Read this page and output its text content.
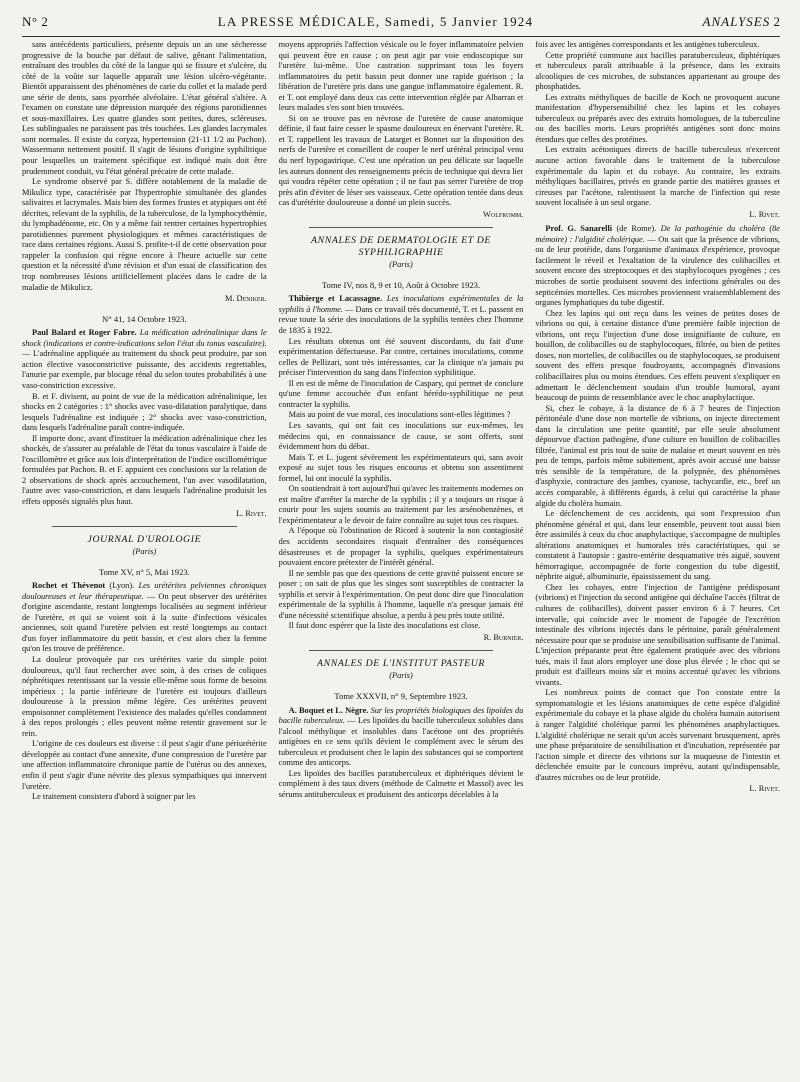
N° 2	LA PRESSE MÉDICALE, Samedi, 5 Janvier 1924	ANALYSES 2

sans antécédents particuliers, présente depuis un an une sécheresse progressive de la bouche par défaut de salive, gênant l'alimentation, entraînant des troubles du côté de la langue qui se fissure et s'ulcère, du côté de la voûte sur laquelle apparaît une lésion ulcéro-végétante. Bientôt apparaissent des phénomènes de carie du collet et la malade perd une série de dents, sans pyorrhée alvéolaire. L'état général s'altère. A l'examen on constate une dépression marquée des régions parotidiennes et sous-maxillaires. Les quatre glandes sont petites, dures, scléreuses. Les sublinguales ne paraissent pas très touchées. Les glandes lacrymales sont normales. Il existe du coryza, hypertension (21-11 1/2 au Pachon). Wassermann nettement positif. Il s'agit de lésions d'origine syphilitique pour lesquelles un traitement spécifique est indiqué mais doit être prudemment conduit, vu l'état général précaire de cette malade.

Le syndrome observé par S. diffère notablement de la maladie de Mikulicz type, caractérisée par l'hypertrophie simultanée des glandes salivaires et lacrymales. Mais bien des formes frustes et atypiques ont été décrites, relevant de la syphilis, de la tuberculose, de la lymphocythémie, du lymphadénome, etc. On y a même fait rentrer certaines hypertrophies parotidiennes purement physiologiques et mêmes caractéristiques de race dans certaines régions. Aussi S. profite-t-il de cette observation pour rappeler la confusion qui règne encore à l'heure actuelle sur cette question et la nécessité d'une révision et d'un essai de classification des trop nombreuses lésions artificiellement placées dans le cadre de la maladie de Mikulicz.

M. Deniker.
N° 41, 14 Octobre 1923.

Paul Balard et Roger Fabre. La médication adrénalinique dans le shock (indications et contre-indications selon l'état du tonus vasculaire). — L'adrénaline appliquée au traitement du shock peut produire, par son action élective vasoconstrictive puissante, des accidents regrettables, l'anurie par exemple, par blocage rénal du selon toutes probabilités à une vaso-constriction excessive.

B. et F. divisent, au point de vue de la médication adrénalinique, les shocks en 2 catégories : 1° shocks avec vaso-dilatation paralytique, dans lesquels l'adrénaline est indiquée ; 2° shocks avec vaso-constriction, dans lesquels l'adrénaline paraît contre-indiquée.

Il importe donc, avant d'instituer la médication adrénalinique chez les shockés, de s'assurer au préalable de l'état du tonus vasculaire à l'aide de l'oscillomètre et grâce aux lois d'interprétation de l'indice oscillométrique formulées par Pachon. B. et F. appuient ces conclusions sur la relation de 2 observations de shock après accouchement, l'un avec vasodilatation, l'autre avec vaso-constriction, et dans lesquels l'adrénaline produisit les effets opposés signalés plus haut.

L. Rivet.
JOURNAL D'UROLOGIE
(Paris)
Tome XV, n° 5, Mai 1923.

Rochet et Thévenot (Lyon). Les urétérites pelviennes chroniques douloureuses et leur thérapeutique. — On peut observer des urétérites d'origine ascendante, restant longtemps localisées au segment inférieur de l'uretère, et qui se voient soit à la suite d'infections vésicales anciennes, soit quand l'uretère pelvien est resté longtemps au contact d'un foyer inflammatoire du petit bassin, et c'est alors chez la femme qu'on les trouve de préférence.

La douleur provoquée par ces urétérites varie du simple point douloureux, qu'il faut rechercher avec soin, à des crises de coliques néphrétiques retentissant sur la vessie elle-même sous forme de besoins impérieux ; la partie inférieure de l'uretère est toujours d'ailleurs douloureuse à la pression même légère. Ces urétérites peuvent empoisonner complètement l'existence des malades qu'elles condamnent à des repos prolongés ; elles peuvent même retentir gravement sur le rein.

L'origine de ces douleurs est diverse : il peut s'agir d'une périurétérite développée au contact d'une annexite, d'une compression de l'uretère par une affection inflammatoire chronique partie de l'utérus ou des annexes, enfin il peut s'agir d'une névrite des plexus sympathiques qui innervent l'uretère.

Le traitement consistera d'abord à soigner par les

moyens appropriés l'affection vésicale ou le foyer inflammatoire pelvien qui peuvent être en cause ; on peut agir par voie endoscopique sur l'uretère lui-même. Une castration supprimant tous les foyers inflammatoires du petit bassin peut donner une rapide guérison ; la libération de l'uretère pris dans une gangue inflammatoire également. R. et T. ont employé dans deux cas cette intervention réglée par Albarran et leurs malades s'en sont bien trouvées.

Si on se trouve pas en névrose de l'uretère de cause anatomique définie, il faut faire cesser le spasme douloureux en énervant l'uretère. R. et T. rappellent les travaux de Latarget et Bonnet sur la disposition des nerfs de l'uretère et conseillent de couper le nerf urétéral principal venu du nerf hypogastrique. C'est une opération un peu délicate sur laquelle les auteurs donnent des renseignements précis de technique qui devra lier qui voudra répéter cette opération ; il ne faut pas serrer l'uretère de trop près afin d'éviter de léser ses vaisseaux. Cette opération tentée dans deux cas d'urétérite douloureuse a donné un plein succès.

Wolfromm.
ANNALES DE DERMATOLOGIE ET DE SYPHILIGRAPHIE
(Paris)
Tome IV, nos 8, 9 et 10, Août à Octobre 1923.

Thibierge et Lacassagne. Les inoculations expérimentales de la syphilis à l'homme. — Dans ce travail très documenté, T. et L. passent en revue toute la série des inoculations de la syphilis tentées chez l'homme de 1835 à 1922.

Les résultats obtenus ont été souvent discordants, du fait d'une expérimentation défectueuse. Par contre, certaines inoculations, comme celles de Pellizari, sont très intéressantes, car la clinique n'a jamais pu préciser l'intervention du sang dans l'infection syphilitique.

Il en est de même de l'inoculation de Caspary, qui permet de conclure qu'une femme accouchée d'un enfant hérédo-syphilitique ne peut contracter la syphilis.

Mais au point de vue moral, ces inoculations sont-elles légitimes ?

Les savants, qui ont fait ces inoculations sur eux-mêmes, les médecins qui, en connaissance de cause, se sont offerts, sont évidemment hors du débat.

Mais T. et L. jugent sévèrement les expérimentateurs qui, sans avoir exposé au sujet tous les risques encourus et obtenu son assentiment formel, lui ont inoculé la syphilis.

On soutiendrait à tort aujourd'hui qu'avec les traitements modernes on est maître d'arrêter la marche de la syphilis ; il y a toujours un risque à courir pour les sujets soumis au traitement par les arsénobenzènes, et l'expérimentateur a le devoir de faire connaître au sujet tous ces risques.

A l'époque où l'obstination de Ricord à soutenir la non contagiosité des accidents secondaires risquait d'entraîner des conséquences désastreuses et de propager la syphilis, quelques expérimentateurs pouvaient encore prétexter de l'intérêt général.

Il ne semble pas que des questions de cette gravité puissent encore se poser ; on sait de plus que les singes sont susceptibles de contracter la syphilis et servir à l'expérimentation. On peut donc dire que l'inoculation expérimentale de la syphilis à l'homme, laquelle n'a presque jamais été d'une nécessité scientifique absolue, a perdu à peu près toute utilité.

Il faut donc espérer que la liste des inoculations est close.

R. Burnier.
ANNALES DE L'INSTITUT PASTEUR
(Paris)
Tome XXXVII, n° 9, Septembre 1923.

A. Boquet et L. Nègre. Sur les propriétés biologiques des lipoïdes du bacille tuberculeux. — Les lipoïdes du bacille tuberculeux solubles dans l'alcool méthylique et insolubles dans l'acétone ont des propriétés antigènes en ce sens qu'ils dévient le complément avec le sérum des tuberculeux et produisent chez le lapin des substances qui se comportent comme des anticorps.

Les lipoïdes des bacilles paratuberculeux et diphtériques dévient le complément à des taux divers (méthode de Calmette et Massol) avec les sérums antituberculeux et produisent des anticorps décelables à la

fois avec les antigènes correspondants et les antigènes tuberculeux.

Cette propriété commune aux bacilles paratuberculeux, diphtériques et tuberculeux paraît attribuable à la présence, dans les extraits alcooliques de ces microbes, de substances appartenant au groupe des phosphatides.

Les extraits méthyliques de bacille de Koch ne provoquent aucune manifestation d'hypersensibilité chez les lapins et les cobayes tuberculeux ou préparés avec des extraits homologues, de la tuberculine ou des bacilles morts. Leurs propriétés antigènes sont donc moins étendues que celles des protéines.

Les extraits acétoniques directs de bacille tuberculeux n'exercent aucune action favorable dans le traitement de la tuberculose expérimentale du lapin et du cobaye. Au contraire, les extraits méthyliques bacillaires, privés en grande partie des matières grasses et cireuses par l'acétone, ralentissent la marche de l'infection qui reste souvent localisée à un seul organe.

L. Rivet.

Prof. G. Sanarelli (de Rome). De la pathogénie du choléra (8e mémoire) : l'algidité cholérique. — On sait que la présence de vibrions, ou de leur protéide, dans l'organisme d'animaux d'expérience, provoque facilement le réveil et l'exaltation de la virulence des colibacilles et souvent encore des streptocoques et des staphylocoques pyogènes ; ces microbes de sortie produisent souvent des infections générales ou des septicémies mortelles. Ces microbes proviennent vraisemblablement des organes lymphatiques du tube digestif.

Chez les lapins qui ont reçu dans les veines de petites doses de vibrions ou qui, à certaine distance d'une première faible injection de vibrions, ont reçu l'injection d'une dose insignifiante de culture, en bouillon, de colibacilles ou de staphylocoques, filtrée, ou bien de petites doses, non mortelles, de colibacilles ou de staphylocoques, se produisent souvent des effets presque foudroyants, accompagnés d'invasions colibacillaires plus ou moins étendues. Ces effets peuvent s'expliquer en admettant le déclenchement soudain d'un trouble humoral, ayant beaucoup de points de ressemblance avec le choc anaphylactique.

Si, chez le cobaye, à la distance de 6 à 7 heures de l'injection péritonéale d'une dose non mortelle de vibrions, on injecte directement dans la circulation une petite quantité, par elle seule absolument dépourvue d'action pathogène, d'une culture en bouillon de colibacilles filtrée, l'animal est pris tout de suite de malaise et meurt souvent en très peu de temps, parfois même subitement, après avoir accusé une baisse très sensible de la température, de la polypnée, des phénomènes d'asphyxie, contracture des jambes, cyanose, tachycardie, etc., bref un accès comparable, à différents égards, à celui qui caractérise la phase algide du choléra humain.

Le déclenchement de ces accidents, qui sont l'expression d'un phénomène général et qui, dans leur ensemble, peuvent tout aussi bien être assimilés à ceux du choc anaphylactique, s'accompagne de multiples altérations anatomiques et humorales très caractéristiques, qui se constatent à l'autopsie : gastro-entérite desquamative très aiguë, souvent hémorragique, accompagnée de forte congestion du tube digestif, néphrite aiguë, albuminurie, épaississement du sang.

Chez les cobayes, entre l'injection de l'antigène prédisposant (vibrions) et l'injection du second antigène qui déchaîne l'accès (filtrat de cultures de colibacilles), doivent passer environ 6 à 7 heures. Cet intervalle, qui coïncide avec le moment de l'apogée de l'excrétion intestinale des vibrions injectés dans le péritoine, paraît généralement nécessaire pour que se produise une sensibilisation suffisante de l'animal. L'injection préparante peut être également pratiquée avec des vibrions tués, mais il faut alors employer une dose plus élevée ; le choc qui se produit est d'ailleurs moins sûr et moins accentué qu'avec les vibrions vivants.

Les nombreux points de contact que l'on constate entre la symptomatologie et les lésions anatomiques de cette espèce d'algidité expérimentale du cobaye et la phase algide du choléra humain autorisent à ranger l'algidité cholérique parmi les phénomènes anaphylactiques. L'algidité cholérique ne serait qu'un accès survenant brusquement, après une phase préparatoire de sensibilisation et d'incubation, représentée par l'action simple et directe des vibrions sur la muqueuse de l'intestin et déclenchée ensuite par le concours imprévu, autant qu'indispensable, d'autres microbes ou de leur protéide.

L. Rivet.
